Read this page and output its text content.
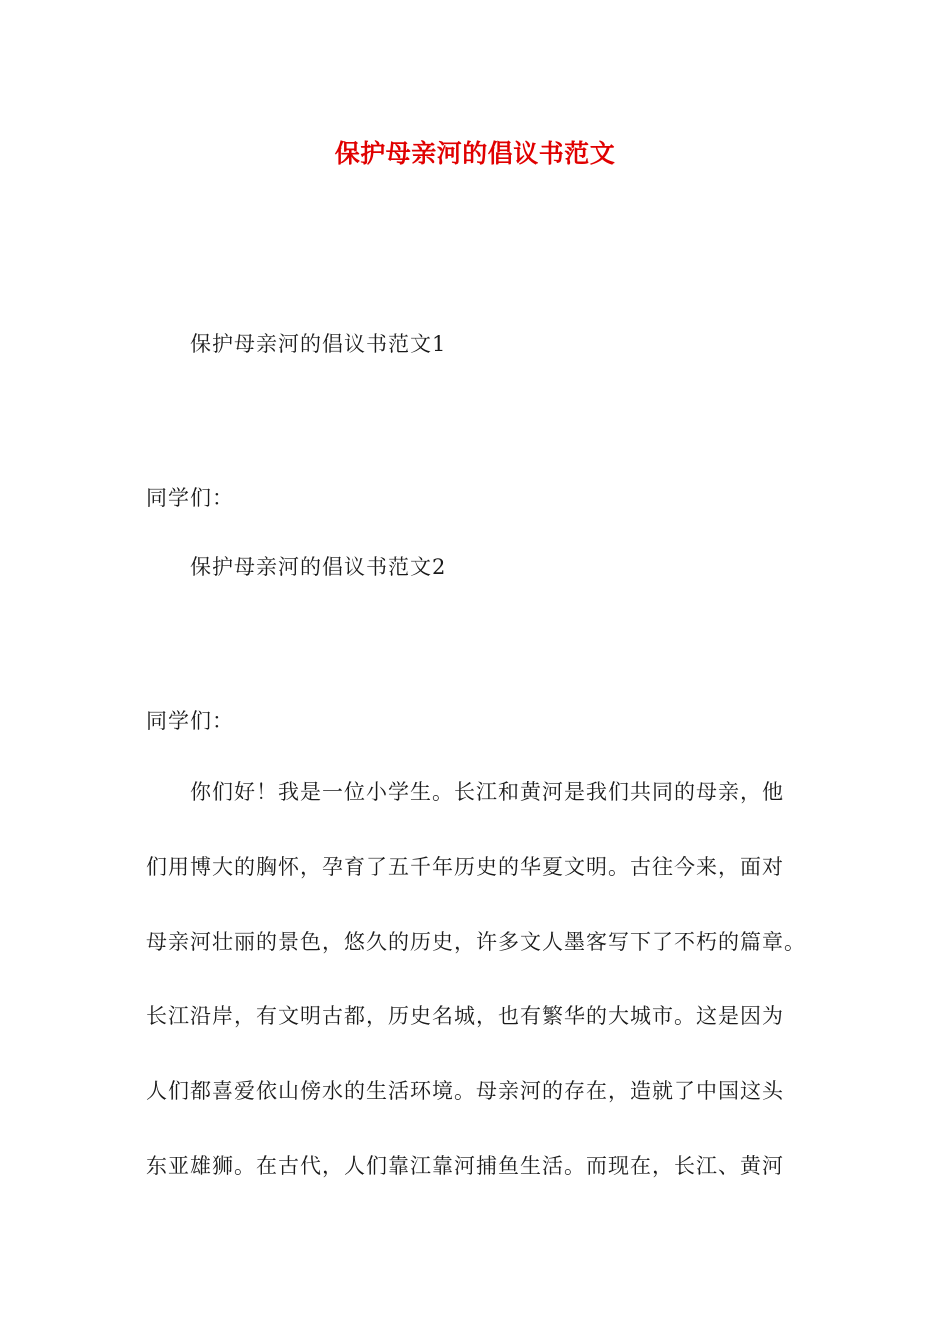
保护母亲河的倡议书范文
保护母亲河的倡议书范文1
同学们：
保护母亲河的倡议书范文2
同学们：
你们好！我是一位小学生。长江和黄河是我们共同的母亲，他
们用博大的胸怀，孕育了五千年历史的华夏文明。古往今来，面对
母亲河壮丽的景色，悠久的历史，许多文人墨客写下了不朽的篇章。
长江沿岸，有文明古都，历史名城，也有繁华的大城市。这是因为
人们都喜爱依山傍水的生活环境。母亲河的存在，造就了中国这头
东亚雄狮。在古代，人们靠江靠河捕鱼生活。而现在，长江、黄河
